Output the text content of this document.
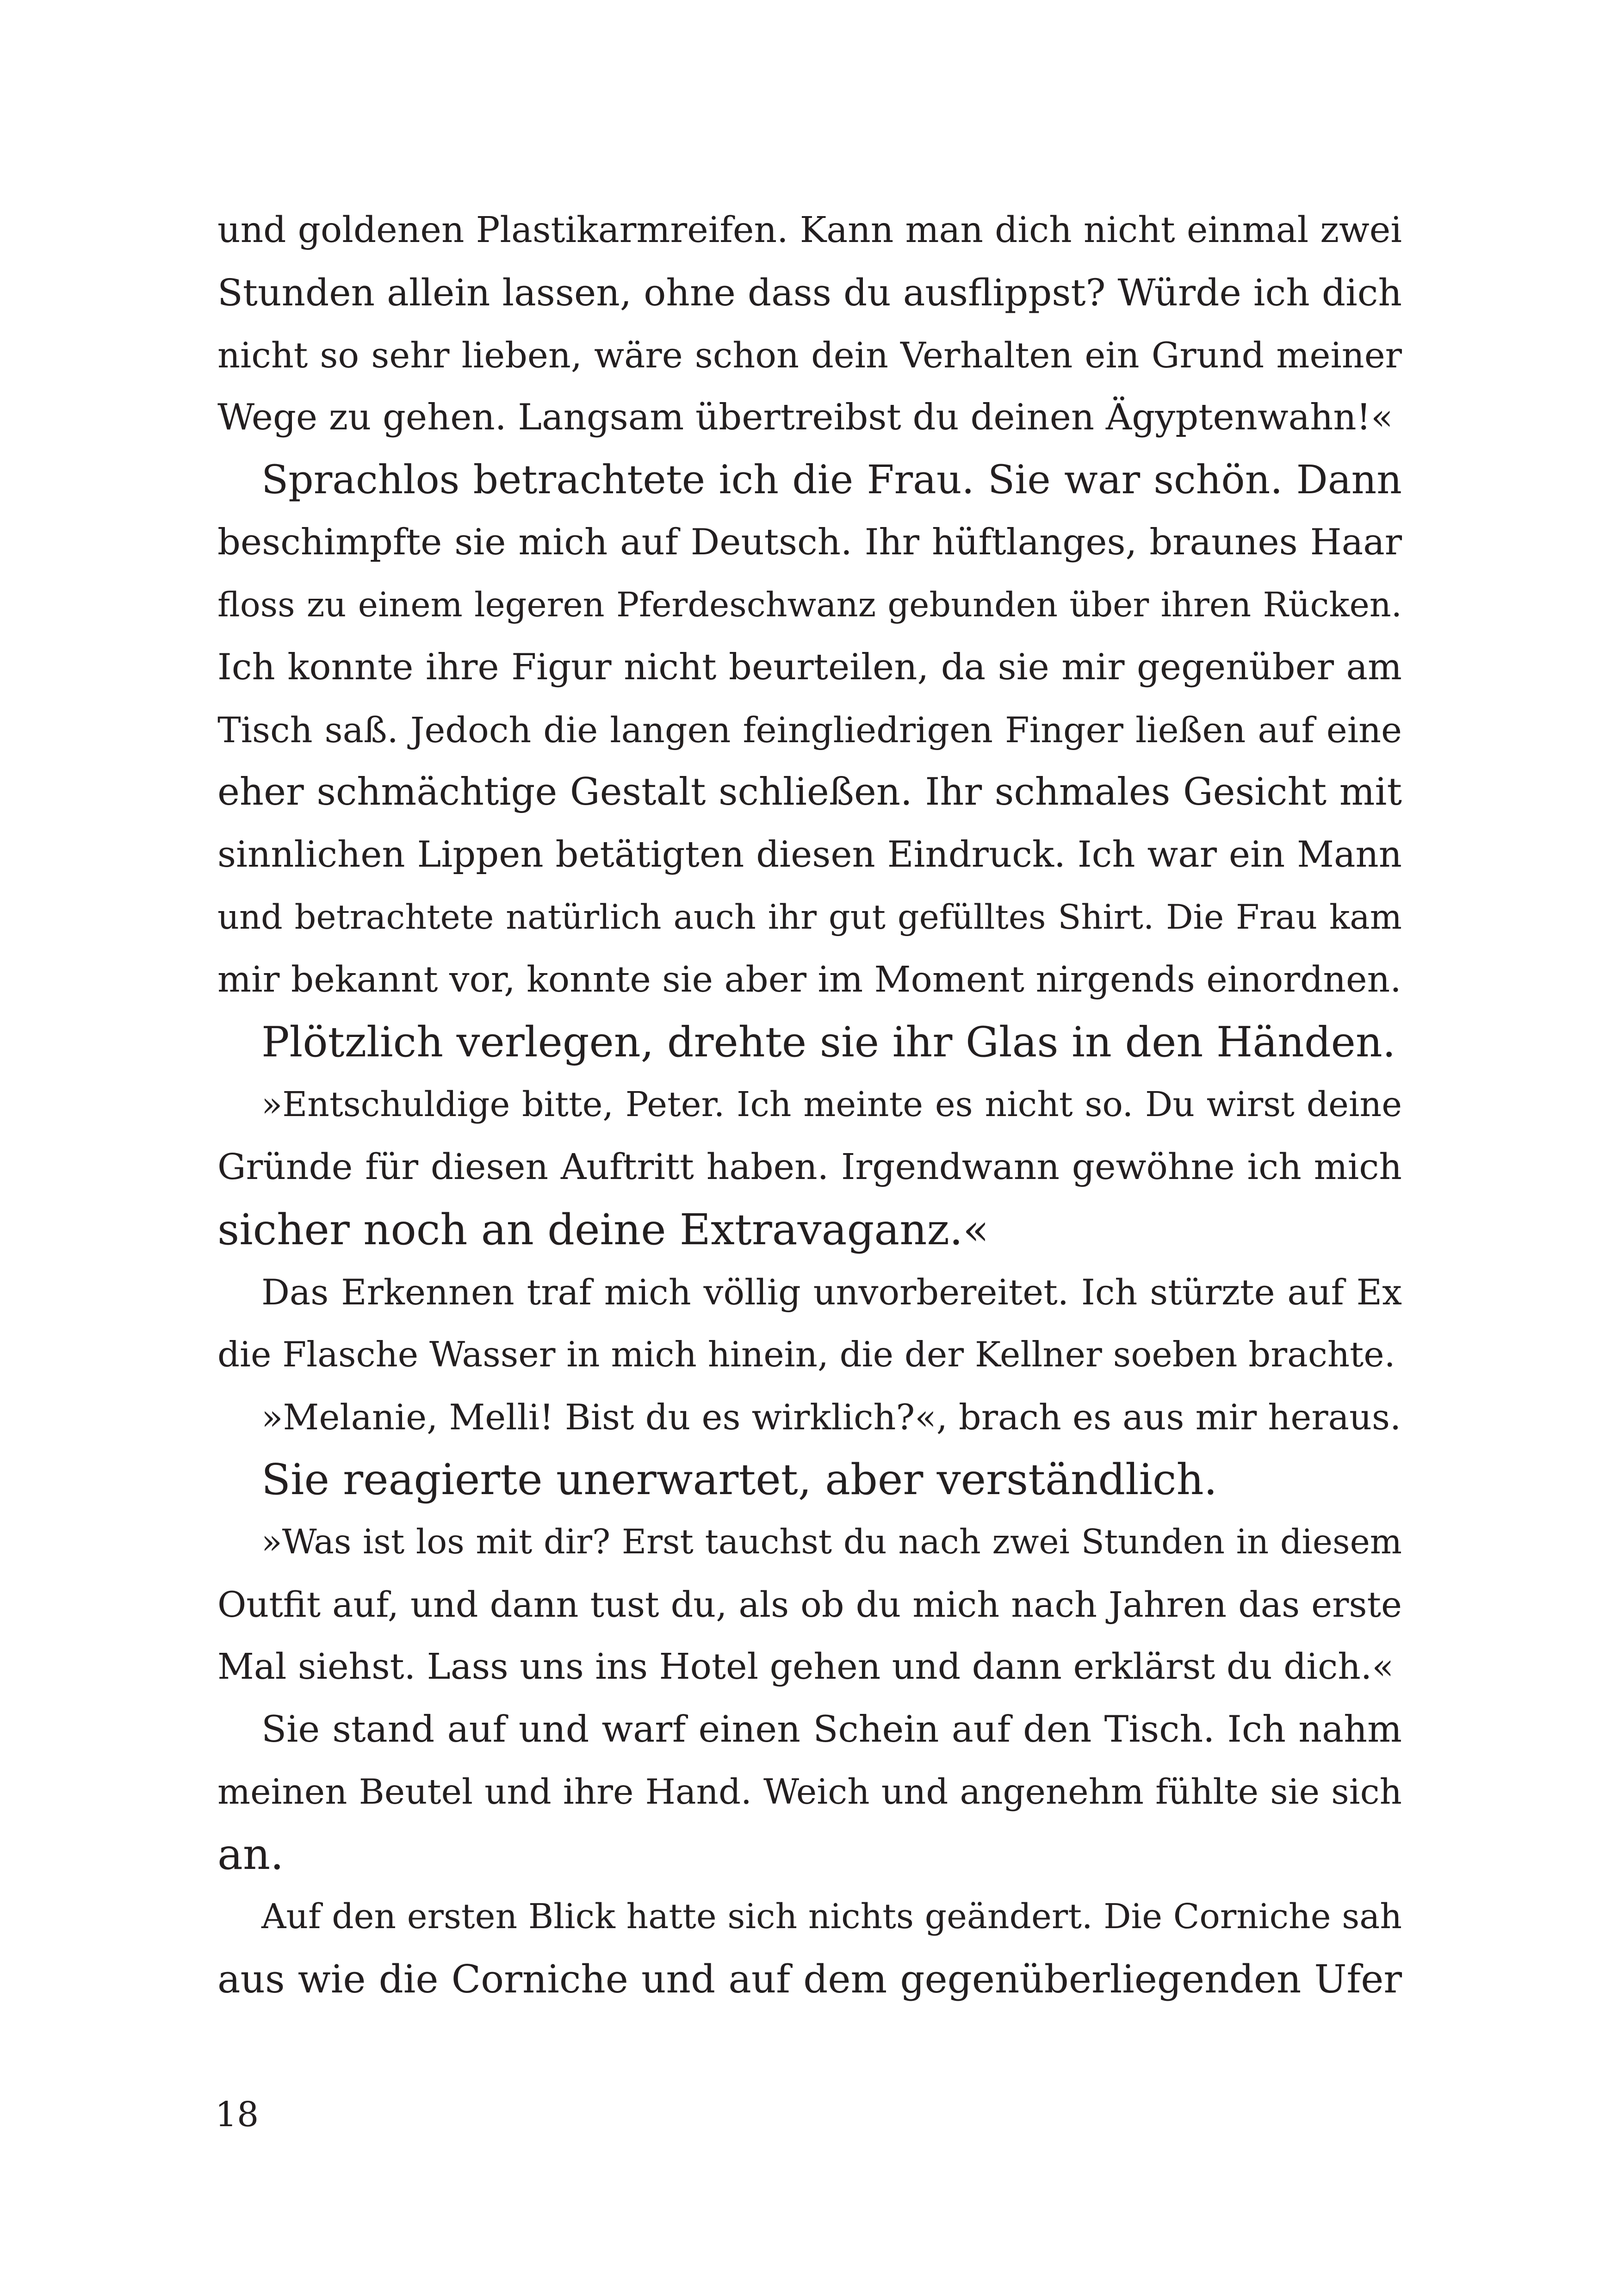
und goldenen Plastikarmreifen. Kann man dich nicht einmal zwei
Stunden allein lassen, ohne dass du ausflippst? Würde ich dich
nicht so sehr lieben, wäre schon dein Verhalten ein Grund meiner
Wege zu gehen. Langsam übertreibst du deinen Ägyptenwahn!«
Sprachlos betrachtete ich die Frau. Sie war schön. Dann
beschimpfte sie mich auf Deutsch. Ihr hüftlanges, braunes Haar
floss zu einem legeren Pferdeschwanz gebunden über ihren Rücken.
Ich konnte ihre Figur nicht beurteilen, da sie mir gegenüber am
Tisch saß. Jedoch die langen feingliedrigen Finger ließen auf eine
eher schmächtige Gestalt schließen. Ihr schmales Gesicht mit
sinnlichen Lippen betätigten diesen Eindruck. Ich war ein Mann
und betrachtete natürlich auch ihr gut gefülltes Shirt. Die Frau kam
mir bekannt vor, konnte sie aber im Moment nirgends einordnen.
Plötzlich verlegen, drehte sie ihr Glas in den Händen.
»Entschuldige bitte, Peter. Ich meinte es nicht so. Du wirst deine
Gründe für diesen Auftritt haben. Irgendwann gewöhne ich mich
sicher noch an deine Extravaganz.«
Das Erkennen traf mich völlig unvorbereitet. Ich stürzte auf Ex
die Flasche Wasser in mich hinein, die der Kellner soeben brachte.
»Melanie, Melli! Bist du es wirklich?«, brach es aus mir heraus.
Sie reagierte unerwartet, aber verständlich.
»Was ist los mit dir? Erst tauchst du nach zwei Stunden in diesem
Outfit auf, und dann tust du, als ob du mich nach Jahren das erste
Mal siehst. Lass uns ins Hotel gehen und dann erklärst du dich.«
Sie stand auf und warf einen Schein auf den Tisch. Ich nahm
meinen Beutel und ihre Hand. Weich und angenehm fühlte sie sich
an.
Auf den ersten Blick hatte sich nichts geändert. Die Corniche sah
aus wie die Corniche und auf dem gegenüberliegenden Ufer
18
